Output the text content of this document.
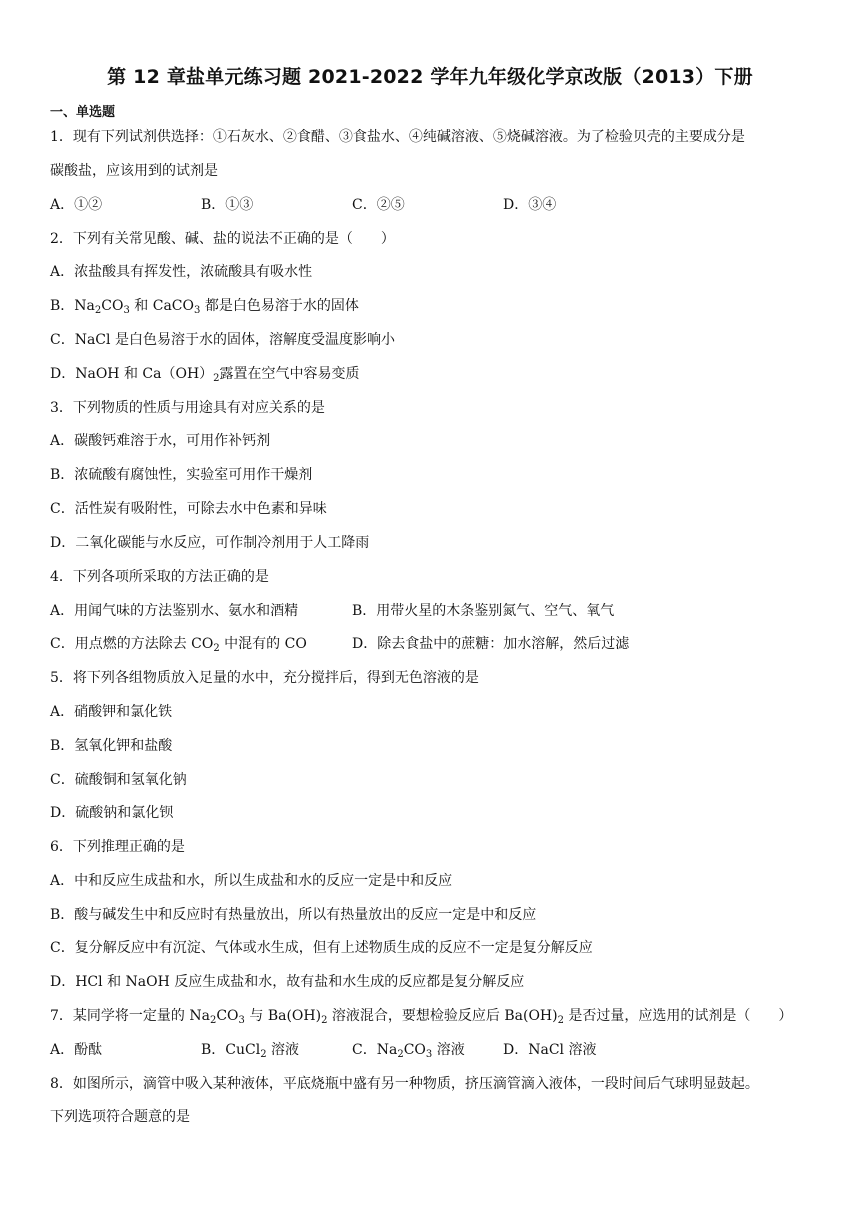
第 12 章盐单元练习题 2021-2022 学年九年级化学京改版（2013）下册
一、单选题
1．现有下列试剂供选择：①石灰水、②食醋、③食盐水、④纯碱溶液、⑤烧碱溶液。为了检验贝壳的主要成分是
碳酸盐，应该用到的试剂是
A．①②	B．①③	C．②⑤	D．③④
2．下列有关常见酸、碱、盐的说法不正确的是（　　）
A．浓盐酸具有挥发性，浓硫酸具有吸水性
B．$Na_2CO_3$ 和 CaCO$_3$ 都是白色易溶于水的固体
C．NaCl 是白色易溶于水的固体，溶解度受温度影响小
D．NaOH 和 $Ca(OH)_2$露置在空气中容易变质
3．下列物质的性质与用途具有对应关系的是
A．碳酸钙难溶于水，可用作补钙剂
B．浓硫酸有腐蚀性，实验室可用作干燥剂
C．活性炭有吸附性，可除去水中色素和异味
D．二氧化碳能与水反应，可作制冷剂用于人工降雨
4．下列各项所采取的方法正确的是
A．用闻气味的方法鉴别水、氨水和酒精	B．用带火星的木条鉴别氮气、空气、氧气
C．用点燃的方法除去 $CO_2$ 中混有的 CO	D．除去食盐中的蔗糖：加水溶解，然后过滤
5．将下列各组物质放入足量的水中，充分搅拌后，得到无色溶液的是
A．硝酸钾和氯化铁
B．氢氧化钾和盐酸
C．硫酸铜和氢氧化钠
D．硫酸钠和氯化钡
6．下列推理正确的是
A．中和反应生成盐和水，所以生成盐和水的反应一定是中和反应
B．酸与碱发生中和反应时有热量放出，所以有热量放出的反应一定是中和反应
C．复分解反应中有沉淀、气体或水生成，但有上述物质生成的反应不一定是复分解反应
D．HCl 和 NaOH 反应生成盐和水，故有盐和水生成的反应都是复分解反应
7．某同学将一定量的 $Na_2CO_3$ 与 $Ba(OH)_2$ 溶液混合，要想检验反应后 $Ba(OH)_2$ 是否过量，应选用的试剂是（　　）
A．酚酞	B．CuCl$_2$ 溶液	C．$Na_2CO_3$ 溶液	D．NaCl 溶液
8．如图所示，滴管中吸入某种液体，平底烧瓶中盛有另一种物质，挤压滴管滴入液体，一段时间后气球明显鼓起。
下列选项符合题意的是
